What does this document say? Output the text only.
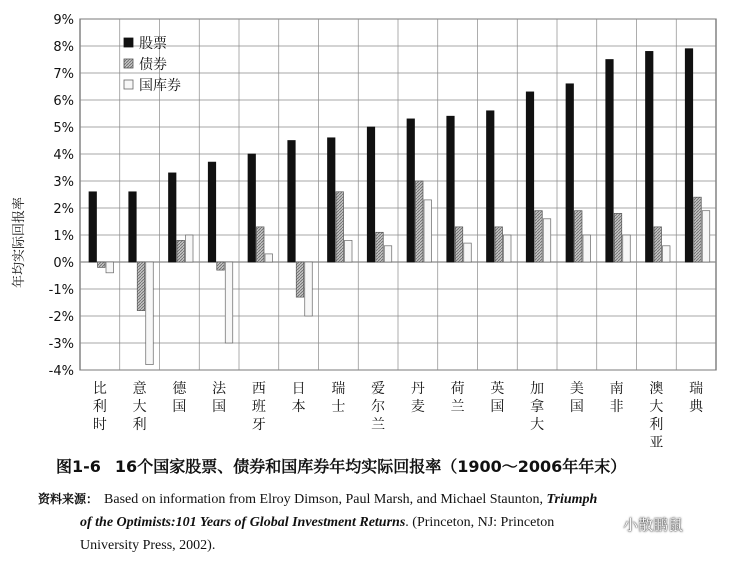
-4%
-3%
-2%
-1%
0%
1%
2%
3%
4%
5%
6%
7%
8%
9%
比利时
意大利
德国
法国
西班牙
日本
瑞士
爱尔兰
丹麦
荷兰
英国
加拿大
美国
南非
澳大利亚
瑞典
股票
债券
国库券
年均实际回报率
图1-6 16个国家股票、债券和国库券年均实际回报率（1900～2006年年末）
资料来源： Based on information from Elroy Dimson, Paul Marsh, and Michael Staunton, Triumph
of the Optimists:101 Years of Global Investment Returns. (Princeton, NJ: Princeton
University Press, 2002).
小散鹏鼠
